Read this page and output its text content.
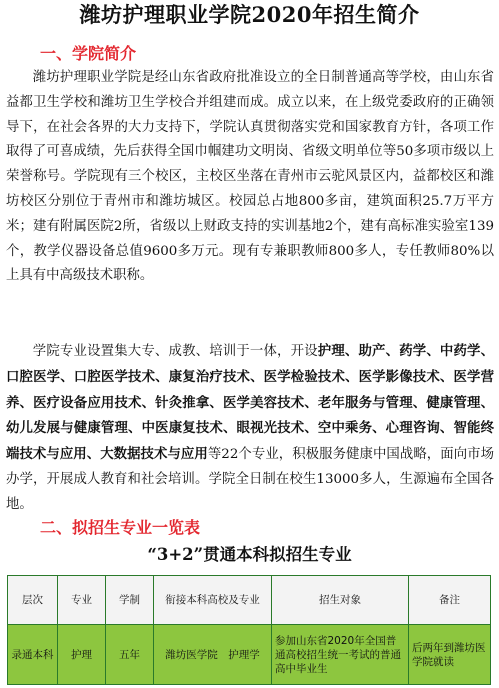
潍坊护理职业学院2020年招生简介
一、学院简介
潍坊护理职业学院是经山东省政府批准设立的全日制普通高等学校，由山东省益都卫生学校和潍坊卫生学校合并组建而成。成立以来，在上级党委政府的正确领导下，在社会各界的大力支持下，学院认真贯彻落实党和国家教育方针，各项工作取得了可喜成绩，先后获得全国巾帼建功文明岗、省级文明单位等50多项市级以上荣誉称号。学院现有三个校区，主校区坐落在青州市云驼风景区内，益都校区和潍坊校区分别位于青州市和潍坊城区。校园总占地800多亩，建筑面积25.7万平方米；建有附属医院2所，省级以上财政支持的实训基地2个，建有高标准实验室139个，教学仪器设备总值9600多万元。现有专兼职教师800多人，专任教师80%以上具有中高级技术职称。
学院专业设置集大专、成教、培训于一体，开设护理、助产、药学、中药学、口腔医学、口腔医学技术、康复治疗技术、医学检验技术、医学影像技术、医学营养、医疗设备应用技术、针灸推拿、医学美容技术、老年服务与管理、健康管理、幼儿发展与健康管理、中医康复技术、眼视光技术、空中乘务、心理咨询、智能终端技术与应用、大数据技术与应用等22个专业，积极服务健康中国战略，面向市场办学，开展成人教育和社会培训。学院全日制在校生13000多人，生源遍布全国各地。
二、拟招生专业一览表
“3+2”贯通本科拟招生专业
层次	专业	学制	衔接本科高校及专业	招生对象	备注
录通本科	护理	五年	潍坊医学院　护理学	参加山东省2020年全国普通高校招生统一考试的普通高中毕业生	后两年到潍坊医学院就读
